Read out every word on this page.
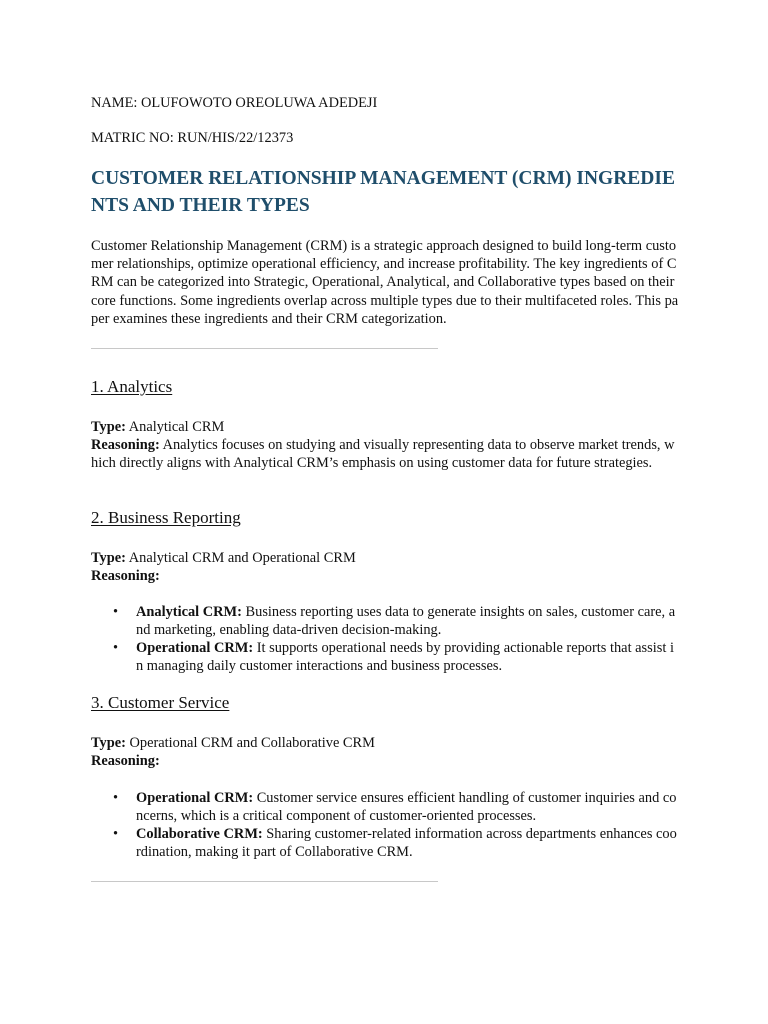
NAME: OLUFOWOTO OREOLUWA ADEDEJI
MATRIC NO: RUN/HIS/22/12373
CUSTOMER RELATIONSHIP MANAGEMENT (CRM) INGREDIENTS AND THEIR TYPES
Customer Relationship Management (CRM) is a strategic approach designed to build long-term customer relationships, optimize operational efficiency, and increase profitability. The key ingredients of CRM can be categorized into Strategic, Operational, Analytical, and Collaborative types based on their core functions. Some ingredients overlap across multiple types due to their multifaceted roles. This paper examines these ingredients and their CRM categorization.
1. Analytics
Type: Analytical CRM
Reasoning: Analytics focuses on studying and visually representing data to observe market trends, which directly aligns with Analytical CRM’s emphasis on using customer data for future strategies.
2. Business Reporting
Type: Analytical CRM and Operational CRM
Reasoning:
• Analytical CRM: Business reporting uses data to generate insights on sales, customer care, and marketing, enabling data-driven decision-making.
• Operational CRM: It supports operational needs by providing actionable reports that assist in managing daily customer interactions and business processes.
3. Customer Service
Type: Operational CRM and Collaborative CRM
Reasoning:
• Operational CRM: Customer service ensures efficient handling of customer inquiries and concerns, which is a critical component of customer-oriented processes.
• Collaborative CRM: Sharing customer-related information across departments enhances coordination, making it part of Collaborative CRM.
